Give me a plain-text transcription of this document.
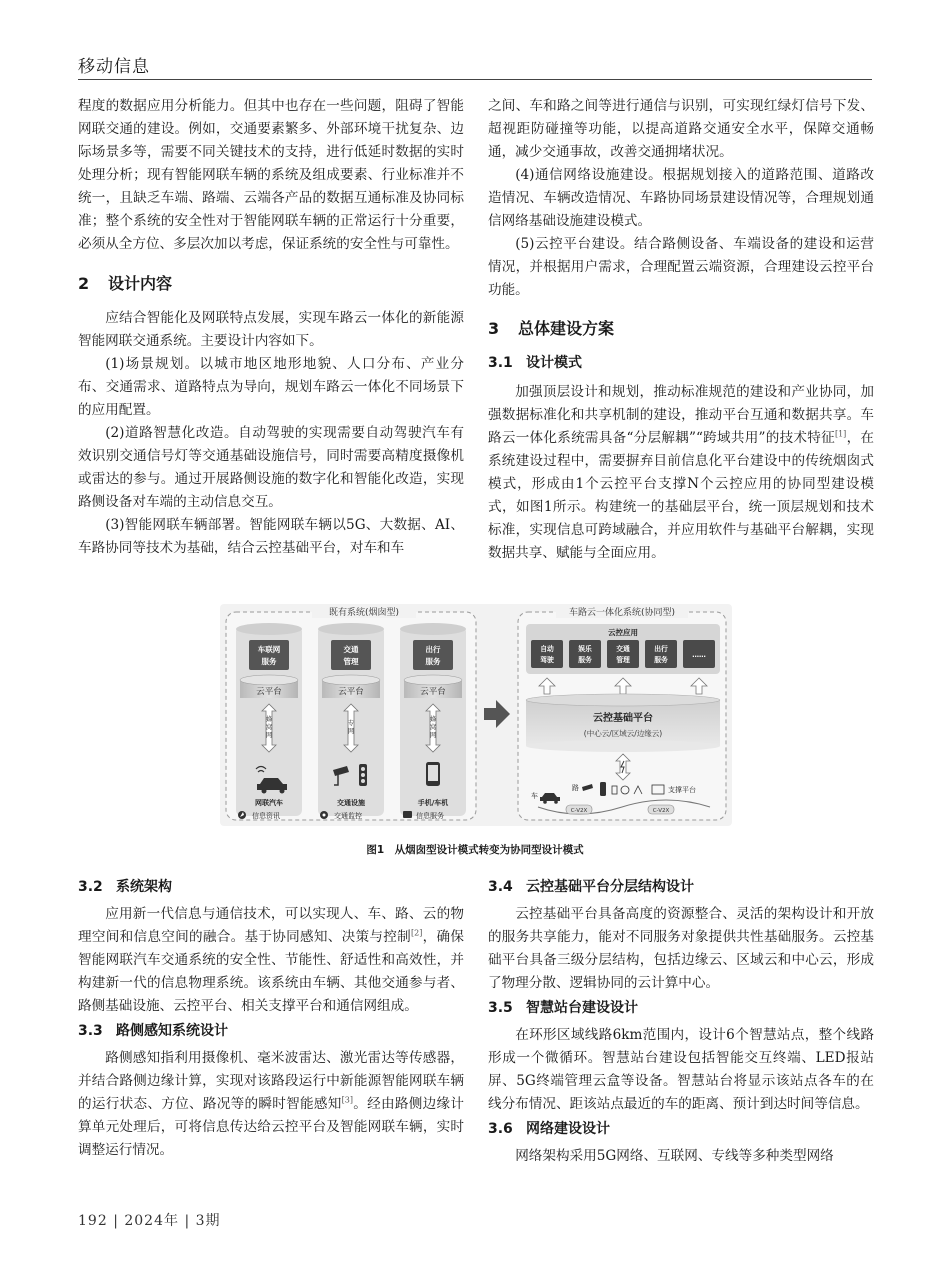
移动信息

程度的数据应用分析能力。但其中也存在一些问题，阻碍了智能网联交通的建设。例如，交通要素繁多、外部环境干扰复杂、边际场景多等，需要不同关键技术的支持，进行低延时数据的实时处理分析；现有智能网联车辆的系统及组成要素、行业标准并不统一，且缺乏车端、路端、云端各产品的数据互通标准及协同标准；整个系统的安全性对于智能网联车辆的正常运行十分重要，必须从全方位、多层次加以考虑，保证系统的安全性与可靠性。

2 设计内容

应结合智能化及网联特点发展，实现车路云一体化的新能源智能网联交通系统。主要设计内容如下。

(1)场景规划。以城市地区地形地貌、人口分布、产业分布、交通需求、道路特点为导向，规划车路云一体化不同场景下的应用配置。

(2)道路智慧化改造。自动驾驶的实现需要自动驾驶汽车有效识别交通信号灯等交通基础设施信号，同时需要高精度摄像机或雷达的参与。通过开展路侧设施的数字化和智能化改造，实现路侧设备对车端的主动信息交互。

(3)智能网联车辆部署。智能网联车辆以5G、大数据、AI、车路协同等技术为基础，结合云控基础平台，对车和车

之间、车和路之间等进行通信与识别，可实现红绿灯信号下发、超视距防碰撞等功能，以提高道路交通安全水平，保障交通畅通，减少交通事故，改善交通拥堵状况。

(4)通信网络设施建设。根据规划接入的道路范围、道路改造情况、车辆改造情况、车路协同场景建设情况等，合理规划通信网络基础设施建设模式。

(5)云控平台建设。结合路侧设备、车端设备的建设和运营情况，并根据用户需求，合理配置云端资源，合理建设云控平台功能。

3 总体建设方案

3.1 设计模式

加强顶层设计和规划，推动标准规范的建设和产业协同，加强数据标准化和共享机制的建设，推动平台互通和数据共享。车路云一体化系统需具备“分层解耦”“跨域共用”的技术特征[1]，在系统建设过程中，需要摒弃目前信息化平台建设中的传统烟囱式模式，形成由1个云控平台支撑N个云控应用的协同型建设模式，如图1所示。构建统一的基础层平台，统一顶层规划和技术标准，实现信息可跨域融合，并应用软件与基础平台解耦，实现数据共享、赋能与全面应用。

既有系统(烟囱型)
车联网
服务
云平台
蜂
窝
网
网联汽车
交通
管理
云平台
专
网
交通设施
出行
服务
云平台
蜂
窝
网
手机/车机
信息资讯	交通监控	信息服务
车路云一体化系统(协同型)
云控应用
自动
驾驶
娱乐
服务
交通
管理
出行
服务
……
云控基础平台
(中心云/区域云/边缘云)
车
路	支撑平台
C-V2X	C-V2X
图1　从烟囱型设计模式转变为协同型设计模式

3.2 系统架构

应用新一代信息与通信技术，可以实现人、车、路、云的物理空间和信息空间的融合。基于协同感知、决策与控制[2]，确保智能网联汽车交通系统的安全性、节能性、舒适性和高效性，并构建新一代的信息物理系统。该系统由车辆、其他交通参与者、路侧基础设施、云控平台、相关支撑平台和通信网组成。

3.3 路侧感知系统设计

路侧感知指利用摄像机、毫米波雷达、激光雷达等传感器，并结合路侧边缘计算，实现对该路段运行中新能源智能网联车辆的运行状态、方位、路况等的瞬时智能感知[3]。经由路侧边缘计算单元处理后，可将信息传达给云控平台及智能网联车辆，实时调整运行情况。

3.4 云控基础平台分层结构设计

云控基础平台具备高度的资源整合、灵活的架构设计和开放的服务共享能力，能对不同服务对象提供共性基础服务。云控基础平台具备三级分层结构，包括边缘云、区域云和中心云，形成了物理分散、逻辑协同的云计算中心。

3.5 智慧站台建设设计

在环形区域线路6km范围内，设计6个智慧站点，整个线路形成一个微循环。智慧站台建设包括智能交互终端、LED报站屏、5G终端管理云盒等设备。智慧站台将显示该站点各车的在线分布情况、距该站点最近的车的距离、预计到达时间等信息。

3.6 网络建设设计

网络架构采用5G网络、互联网、专线等多种类型网络

192 | 2024年 | 3期
